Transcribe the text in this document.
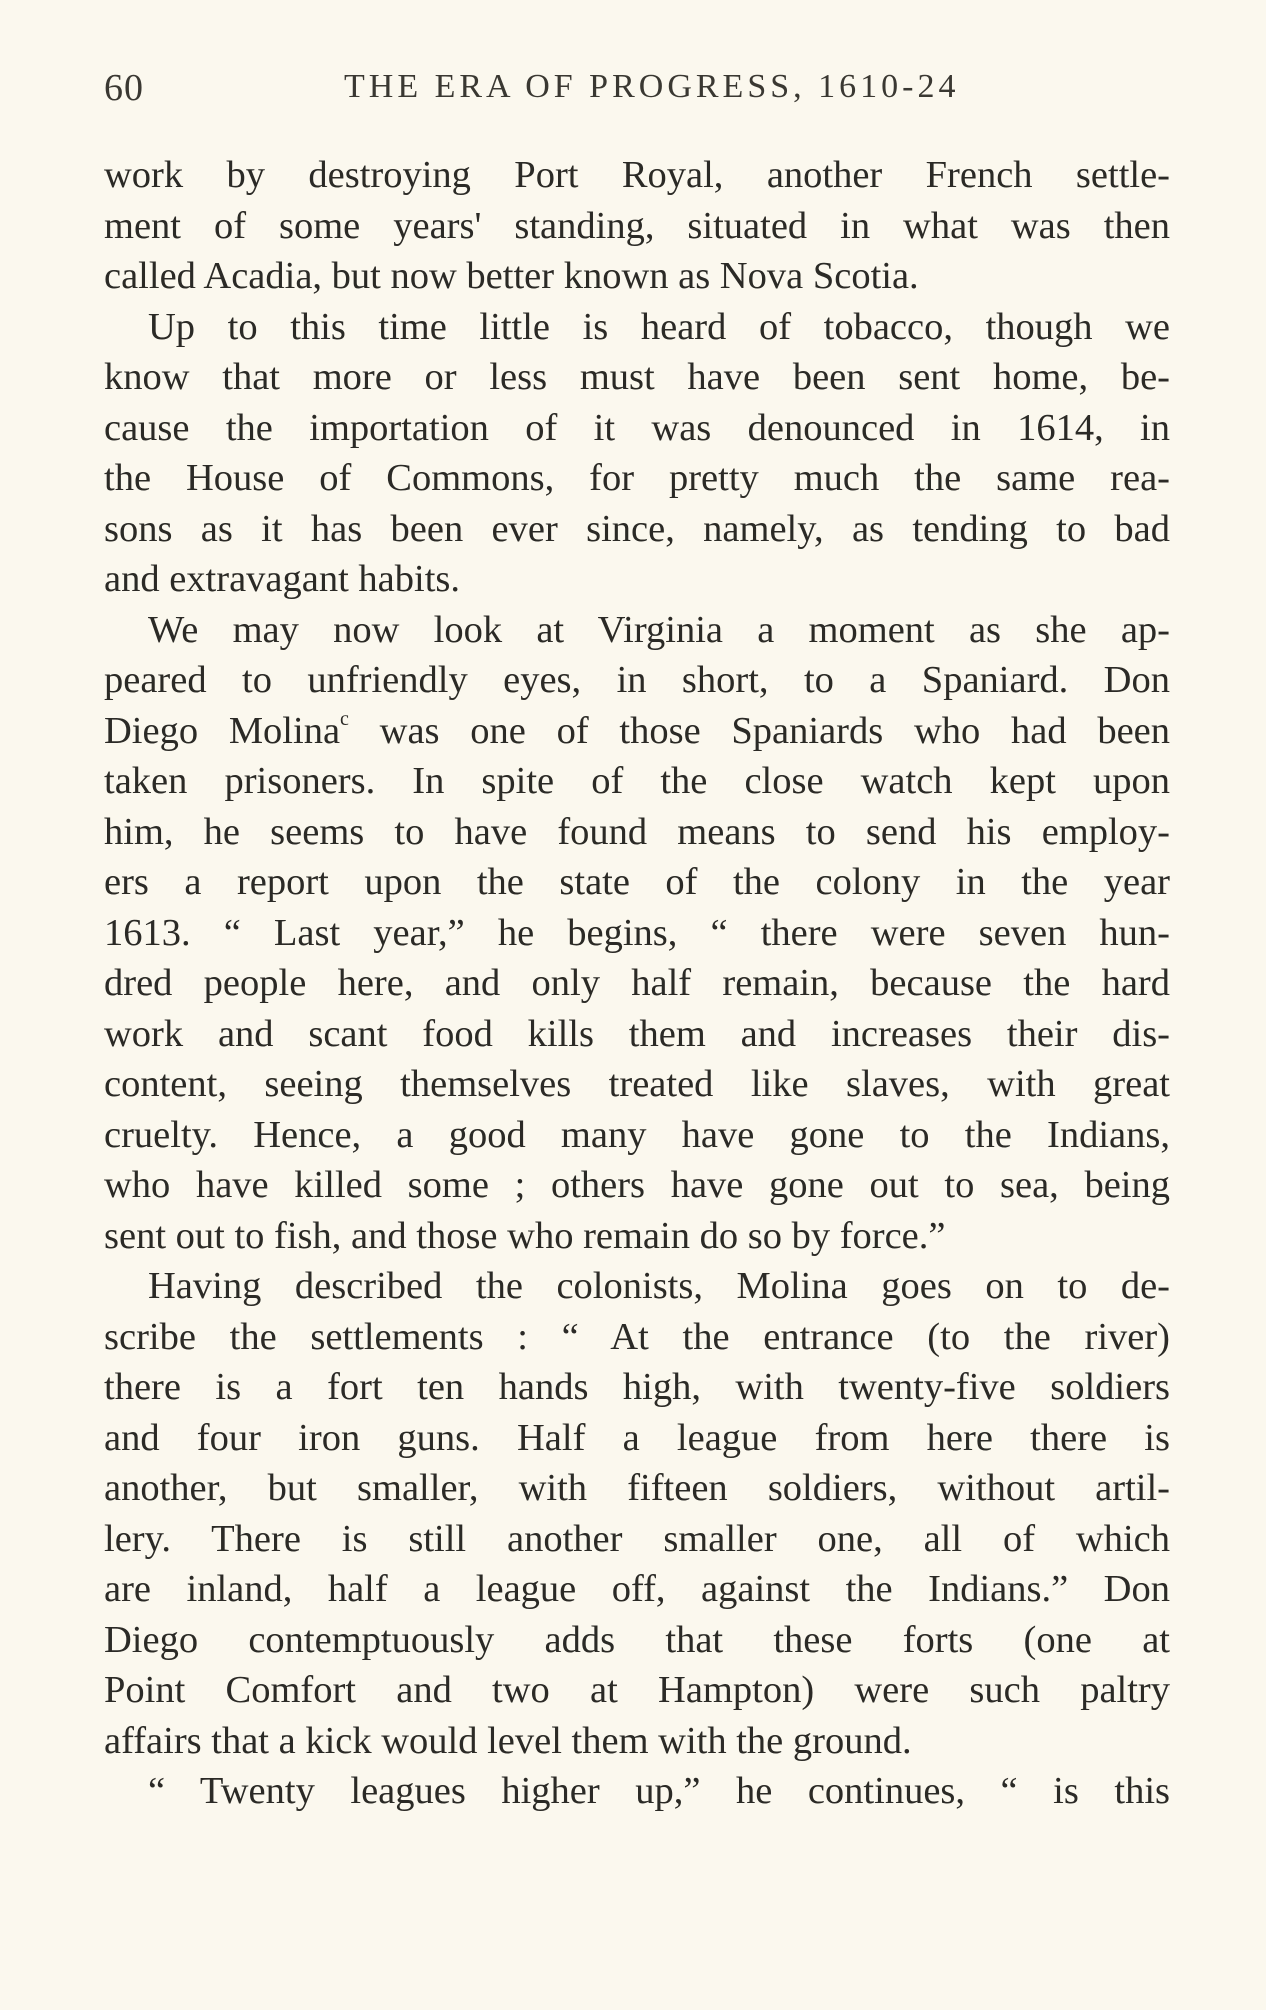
60	THE ERA OF PROGRESS, 1610-24
work by destroying Port Royal, another French settle-
ment of some years' standing, situated in what was then
called Acadia, but now better known as Nova Scotia.
Up to this time little is heard of tobacco, though we
know that more or less must have been sent home, be-
cause the importation of it was denounced in 1614, in
the House of Commons, for pretty much the same rea-
sons as it has been ever since, namely, as tending to bad
and extravagant habits.
We may now look at Virginia a moment as she ap-
peared to unfriendly eyes, in short, to a Spaniard. Don
Diego Molina$^c$ was one of those Spaniards who had been
taken prisoners. In spite of the close watch kept upon
him, he seems to have found means to send his employ-
ers a report upon the state of the colony in the year
1613. “ Last year,” he begins, “ there were seven hun-
dred people here, and only half remain, because the hard
work and scant food kills them and increases their dis-
content, seeing themselves treated like slaves, with great
cruelty. Hence, a good many have gone to the Indians,
who have killed some ; others have gone out to sea, being
sent out to fish, and those who remain do so by force.”
Having described the colonists, Molina goes on to de-
scribe the settlements : “ At the entrance (to the river)
there is a fort ten hands high, with twenty-five soldiers
and four iron guns. Half a league from here there is
another, but smaller, with fifteen soldiers, without artil-
lery. There is still another smaller one, all of which
are inland, half a league off, against the Indians.” Don
Diego contemptuously adds that these forts (one at
Point Comfort and two at Hampton) were such paltry
affairs that a kick would level them with the ground.
“ Twenty leagues higher up,” he continues, “ is this
